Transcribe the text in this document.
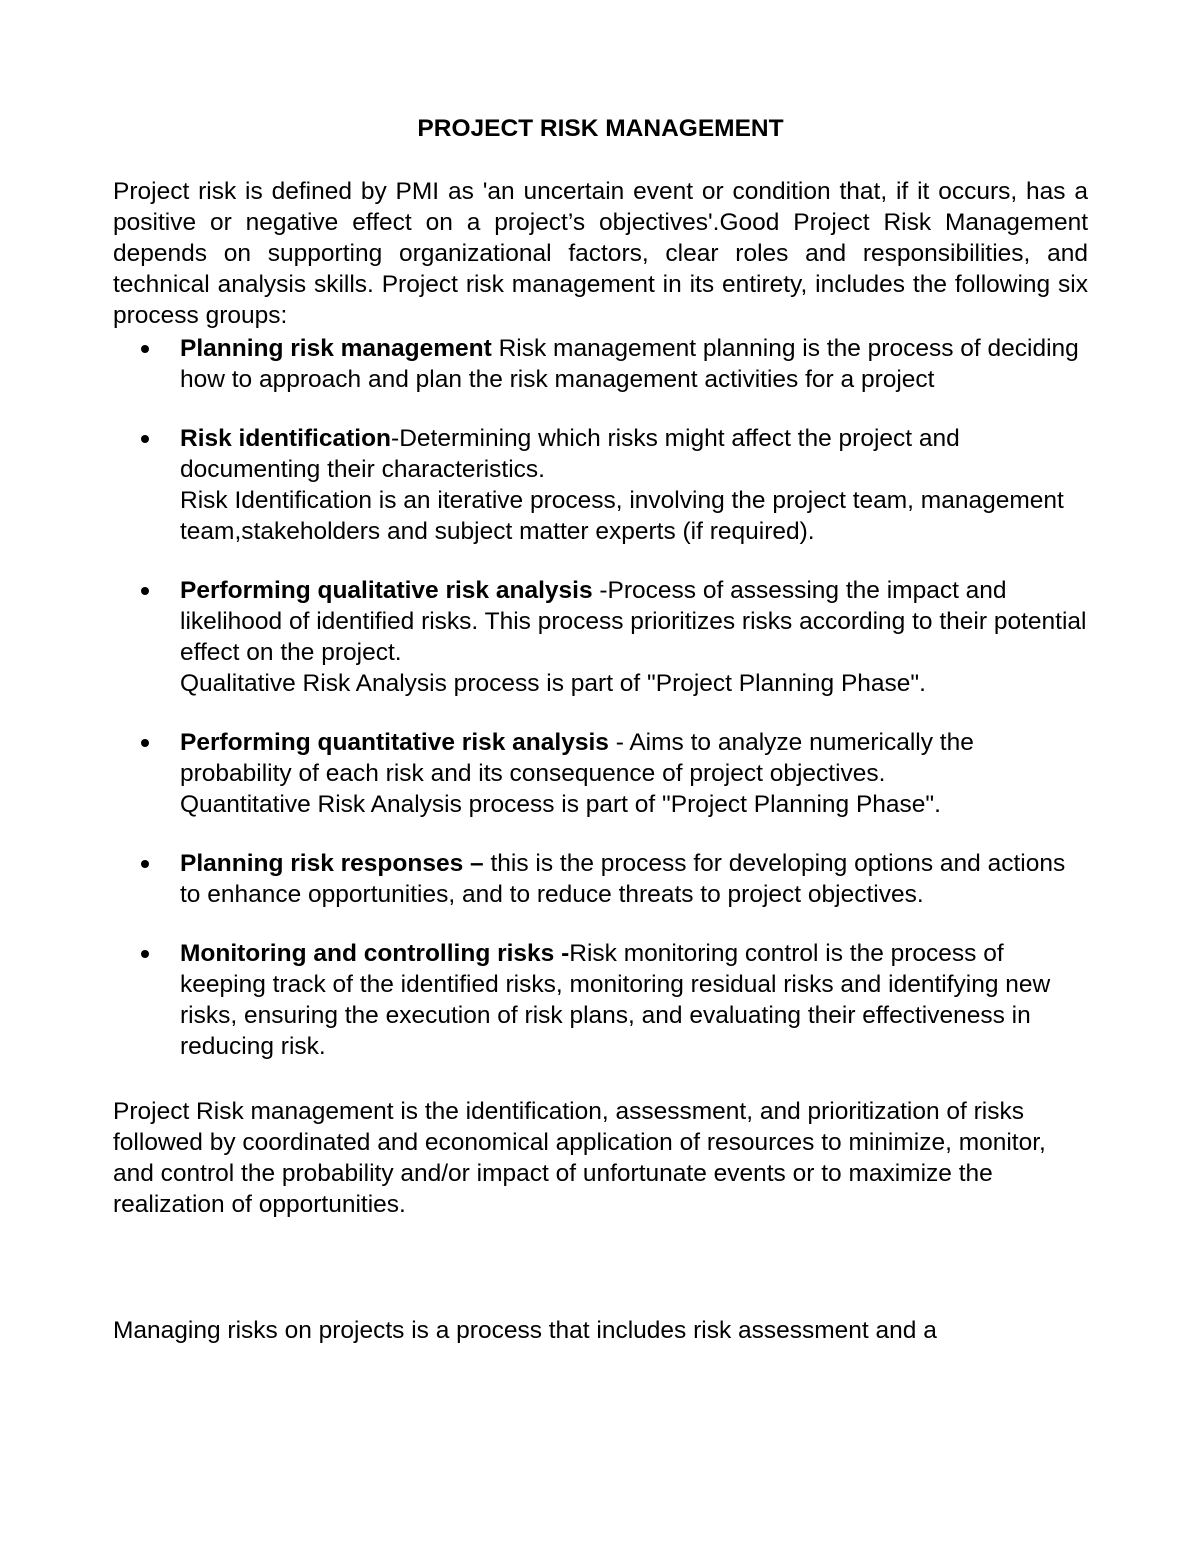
PROJECT RISK MANAGEMENT

Project risk is defined by PMI as 'an uncertain event or condition that, if it occurs, has a positive or negative effect on a project’s objectives'.Good Project Risk Management depends on supporting organizational factors, clear roles and responsibilities, and technical analysis skills. Project risk management in its entirety, includes the following six process groups:

Planning risk management Risk management planning is the process of deciding how to approach and plan the risk management activities for a project
Risk identification-Determining which risks might affect the project and documenting their characteristics.
Risk Identification is an iterative process, involving the project team, management team,stakeholders and subject matter experts (if required).
Performing qualitative risk analysis -Process of assessing the impact and likelihood of identified risks. This process prioritizes risks according to their potential effect on the project.
Qualitative Risk Analysis process is part of "Project Planning Phase".
Performing quantitative risk analysis - Aims to analyze numerically the probability of each risk and its consequence of project objectives.
Quantitative Risk Analysis process is part of "Project Planning Phase".
Planning risk responses – this is the process for developing options and actions to enhance opportunities, and to reduce threats to project objectives.
Monitoring and controlling risks -Risk monitoring control is the process of keeping track of the identified risks, monitoring residual risks and identifying new risks, ensuring the execution of risk plans, and evaluating their effectiveness in reducing risk.

Project Risk management is the identification, assessment, and prioritization of risks followed by coordinated and economical application of resources to minimize, monitor, and control the probability and/or impact of unfortunate events or to maximize the realization of opportunities.

Managing risks on projects is a process that includes risk assessment and a
